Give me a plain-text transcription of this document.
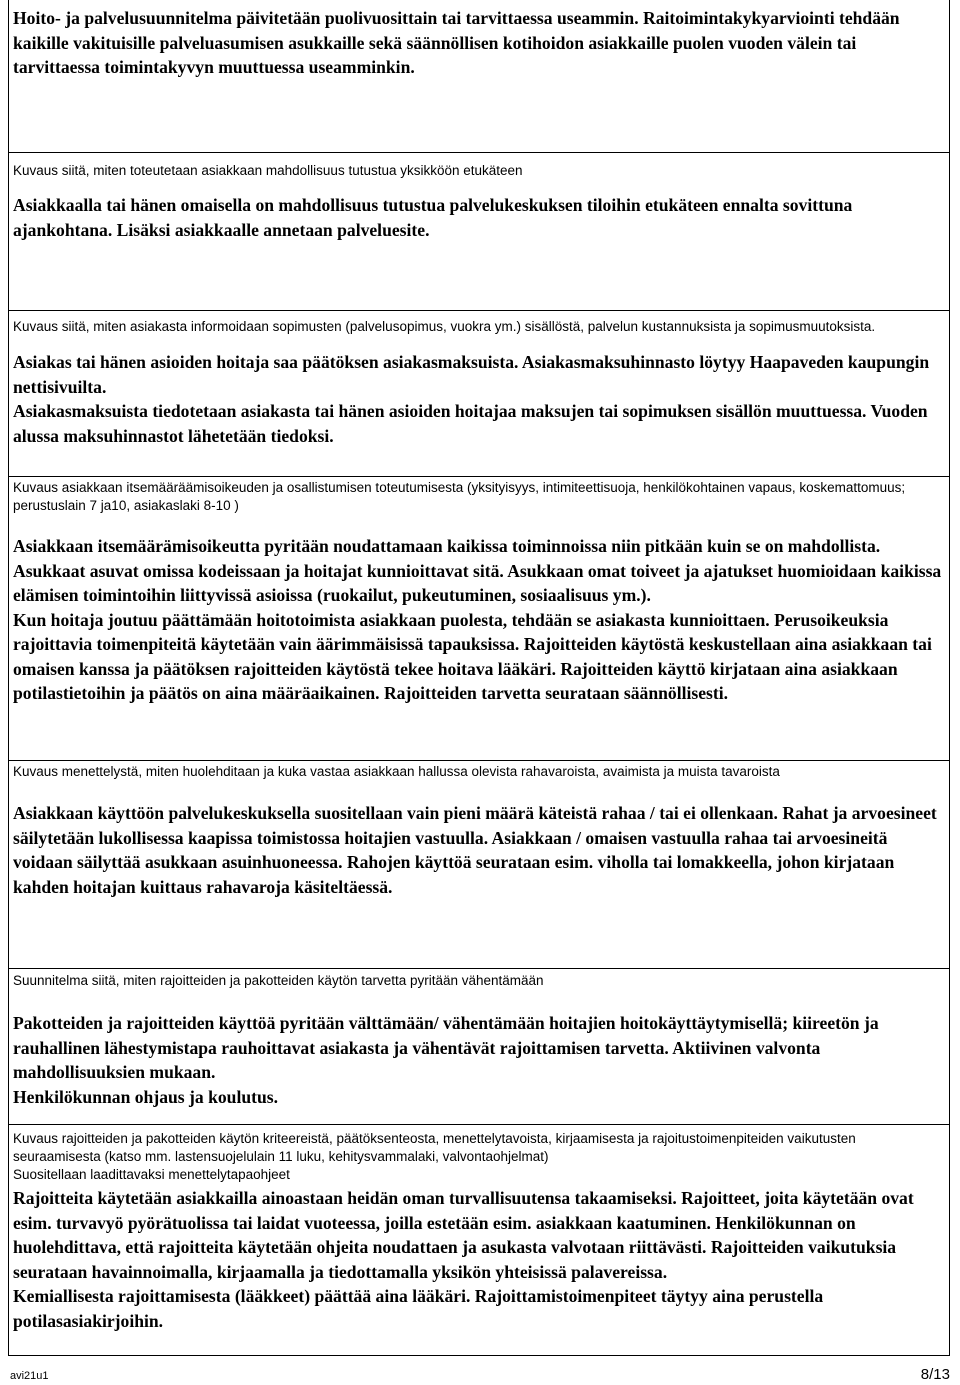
Hoito- ja palvelusuunnitelma päivitetään puolivuosittain tai tarvittaessa useammin. Raitoimintakykyarviointi tehdään kaikille vakituisille palveluasumisen asukkaille sekä säännöllisen kotihoidon asiakkaille puolen vuoden välein tai tarvittaessa toimintakyvyn muuttuessa useamminkin.

Kuvaus siitä, miten toteutetaan asiakkaan mahdollisuus tutustua yksikköön etukäteen

Asiakkaalla tai hänen omaisella on mahdollisuus tutustua palvelukeskuksen tiloihin etukäteen ennalta sovittuna ajankohtana. Lisäksi asiakkaalle annetaan palveluesite.

Kuvaus siitä, miten asiakasta informoidaan sopimusten (palvelusopimus, vuokra ym.) sisällöstä, palvelun kustannuksista ja sopimusmuutoksista.

Asiakas tai hänen asioiden hoitaja saa päätöksen asiakasmaksuista. Asiakasmaksuhinnasto löytyy Haapaveden kaupungin nettisivuilta.

Asiakasmaksuista tiedotetaan asiakasta tai hänen asioiden hoitajaa maksujen tai sopimuksen sisällön muuttuessa. Vuoden alussa maksuhinnastot lähetetään tiedoksi.

Kuvaus asiakkaan itsemääräämisoikeuden ja osallistumisen toteutumisesta (yksityisyys, intimiteettisuoja, henkilökohtainen vapaus, koskemattomuus; perustuslain 7 ja10, asiakaslaki 8-10 )

Asiakkaan itsemäärämisoikeutta pyritään noudattamaan kaikissa toiminnoissa niin pitkään kuin se on mahdollista. Asukkaat asuvat omissa kodeissaan ja hoitajat kunnioittavat sitä. Asukkaan omat toiveet ja ajatukset huomioidaan kaikissa elämisen toimintoihin liittyvissä asioissa (ruokailut, pukeutuminen, sosiaalisuus ym.).

Kun hoitaja joutuu päättämään hoitotoimista asiakkaan puolesta, tehdään se asiakasta kunnioittaen. Perusoikeuksia rajoittavia toimenpiteitä käytetään vain äärimmäisissä tapauksissa. Rajoitteiden käytöstä keskustellaan aina asiakkaan tai omaisen kanssa ja päätöksen rajoitteiden käytöstä tekee hoitava lääkäri. Rajoitteiden käyttö kirjataan aina asiakkaan potilastietoihin ja päätös on aina määräaikainen. Rajoitteiden tarvetta seurataan säännöllisesti.

Kuvaus menettelystä, miten huolehditaan ja kuka vastaa asiakkaan hallussa olevista rahavaroista, avaimista ja muista tavaroista

Asiakkaan käyttöön palvelukeskuksella suositellaan vain pieni määrä käteistä rahaa / tai ei ollenkaan. Rahat ja arvoesineet säilytetään lukollisessa kaapissa toimistossa hoitajien vastuulla. Asiakkaan / omaisen vastuulla rahaa tai arvoesineitä voidaan säilyttää asukkaan asuinhuoneessa. Rahojen käyttöä seurataan esim. viholla tai lomakkeella, johon kirjataan kahden hoitajan kuittaus rahavaroja käsiteltäessä.

Suunnitelma siitä, miten rajoitteiden ja pakotteiden käytön tarvetta pyritään vähentämään

Pakotteiden ja rajoitteiden käyttöä pyritään välttämään/ vähentämään hoitajien hoitokäyttäytymisellä; kiireetön ja rauhallinen lähestymistapa rauhoittavat asiakasta ja vähentävät rajoittamisen tarvetta. Aktiivinen valvonta mahdollisuuksien mukaan.

Henkilökunnan ohjaus ja koulutus.

Kuvaus rajoitteiden ja pakotteiden käytön kriteereistä, päätöksenteosta, menettelytavoista, kirjaamisesta ja rajoitustoimenpiteiden vaikutusten seuraamisesta (katso mm. lastensuojelulain 11 luku, kehitysvammalaki, valvontaohjelmat)

Suositellaan laadittavaksi menettelytapaohjeet

Rajoitteita käytetään asiakkailla ainoastaan heidän oman turvallisuutensa takaamiseksi. Rajoitteet, joita käytetään ovat esim. turvavyö pyörätuolissa tai laidat vuoteessa, joilla estetään esim. asiakkaan kaatuminen. Henkilökunnan on huolehdittava, että rajoitteita käytetään ohjeita noudattaen ja asukasta valvotaan riittävästi. Rajoitteiden vaikutuksia seurataan havainnoimalla, kirjaamalla ja tiedottamalla yksikön yhteisissä palavereissa.

Kemiallisesta rajoittamisesta (lääkkeet) päättää aina lääkäri. Rajoittamistoimenpiteet täytyy aina perustella potilasasiakirjoihin.

avi21u1	8/13
